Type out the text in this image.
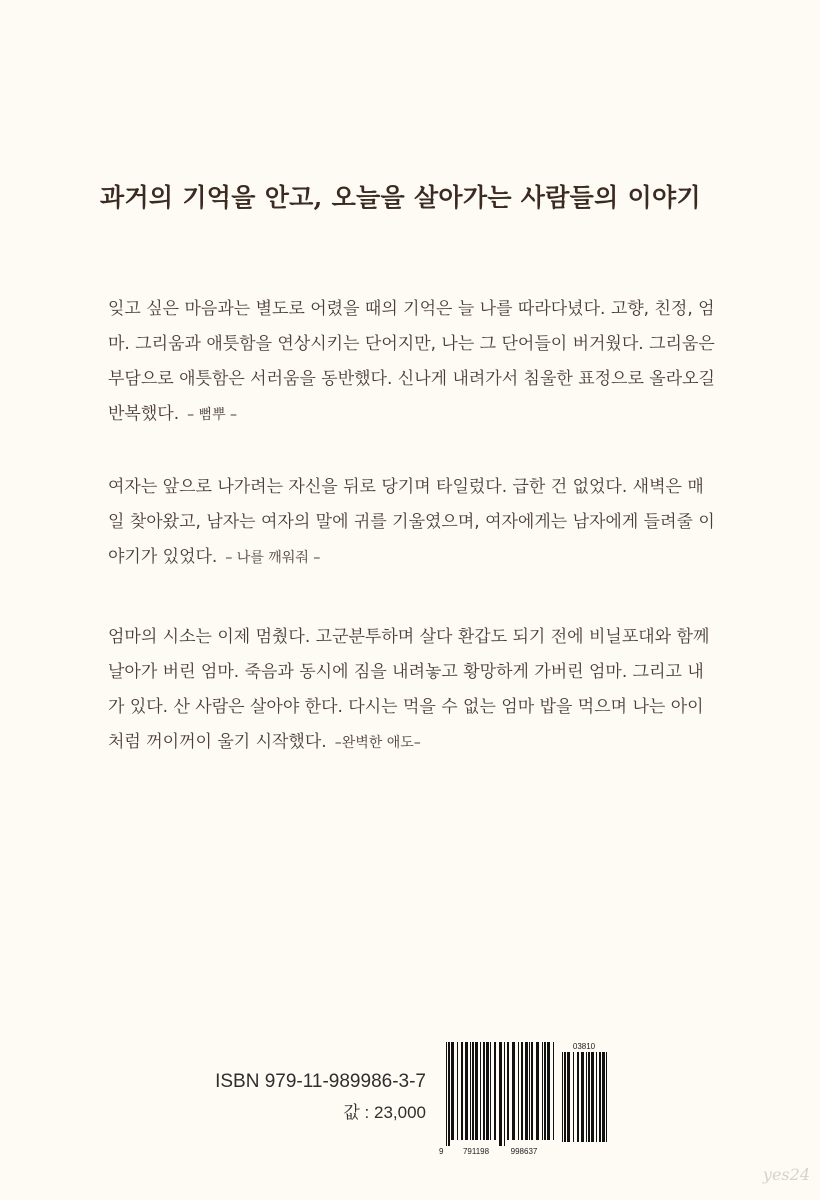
과거의 기억을 안고, 오늘을 살아가는 사람들의 이야기
잊고 싶은 마음과는 별도로 어렸을 때의 기억은 늘 나를 따라다녔다. 고향, 친정, 엄마. 그리움과 애틋함을 연상시키는 단어지만, 나는 그 단어들이 버거웠다. 그리움은 부담으로 애틋함은 서러움을 동반했다. 신나게 내려가서 침울한 표정으로 올라오길 반복했다. – 뻠뿌 –
여자는 앞으로 나가려는 자신을 뒤로 당기며 타일렀다. 급한 건 없었다. 새벽은 매일 찾아왔고, 남자는 여자의 말에 귀를 기울였으며, 여자에게는 남자에게 들려줄 이야기가 있었다. – 나를 깨워줘 –
엄마의 시소는 이제 멈췄다. 고군분투하며 살다 환갑도 되기 전에 비닐포대와 함께 날아가 버린 엄마. 죽음과 동시에 짐을 내려놓고 황망하게 가버린 엄마. 그리고 내가 있다. 산 사람은 살아야 한다. 다시는 먹을 수 없는 엄마 밥을 먹으며 나는 아이처럼 꺼이꺼이 울기 시작했다. –완벽한 애도–
ISBN 979-11-989986-3-7
값 : 23,000
03810
9 791198	998637
yes24
